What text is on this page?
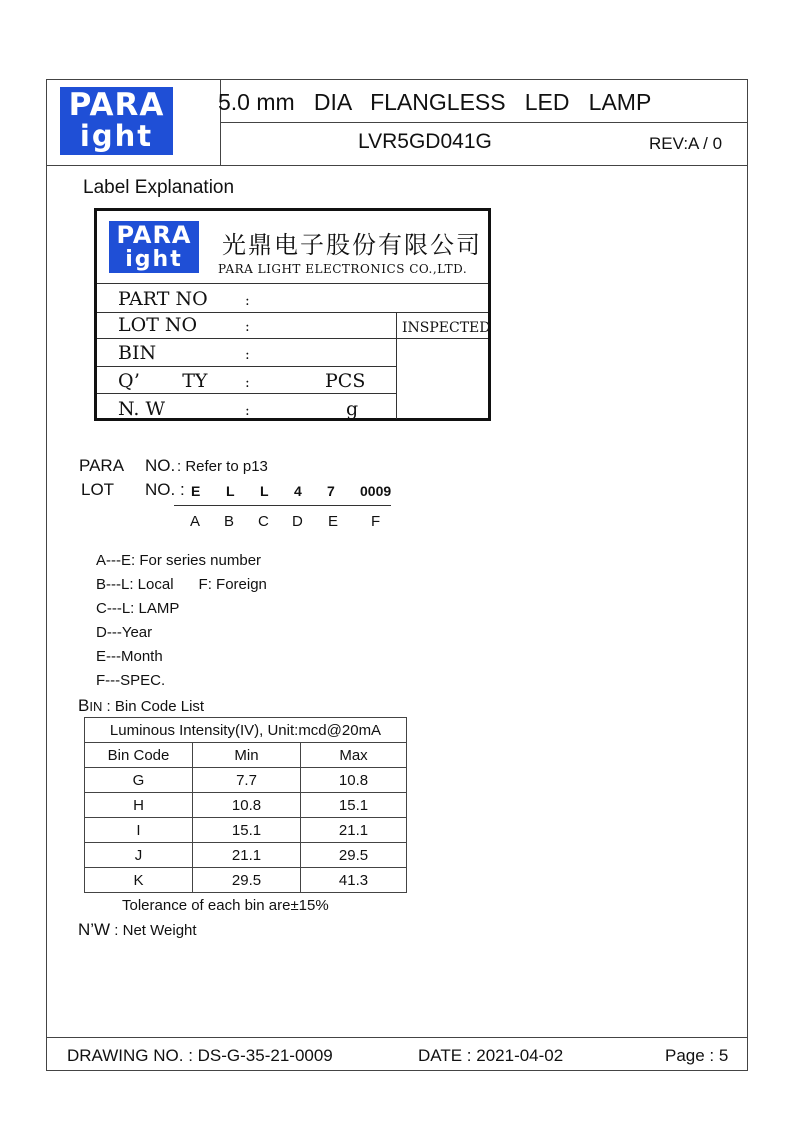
PARA
ight
5.0 mm   DIA   FLANGLESS   LED   LAMP
LVR5GD041G	REV:A / 0
Label Explanation
PARA
ight
光鼎电子股份有限公司
PARA LIGHT ELECTRONICS CO.,LTD.
PART NO	:
LOT NO	:	INSPECTED
BIN	:
Q’       TY	:	PCS
N. W	:	g
PARA NO. : Refer to p13
LOT NO. : E L L 4 7 0009
A B C D E F
A---E: For series number
B---L: Local      F: Foreign
C---L: LAMP
D---Year
E---Month
F---SPEC.
BIN : Bin Code List
Luminous Intensity(IV), Unit:mcd@20mA		
Bin Code	Min	Max
G	7.7	10.8
H	10.8	15.1
I	15.1	21.1
J	21.1	29.5
K	29.5	41.3
Tolerance of each bin are±15%
N’W : Net Weight
DRAWING NO. : DS-G-35-21-0009	DATE : 2021-04-02	Page : 5
